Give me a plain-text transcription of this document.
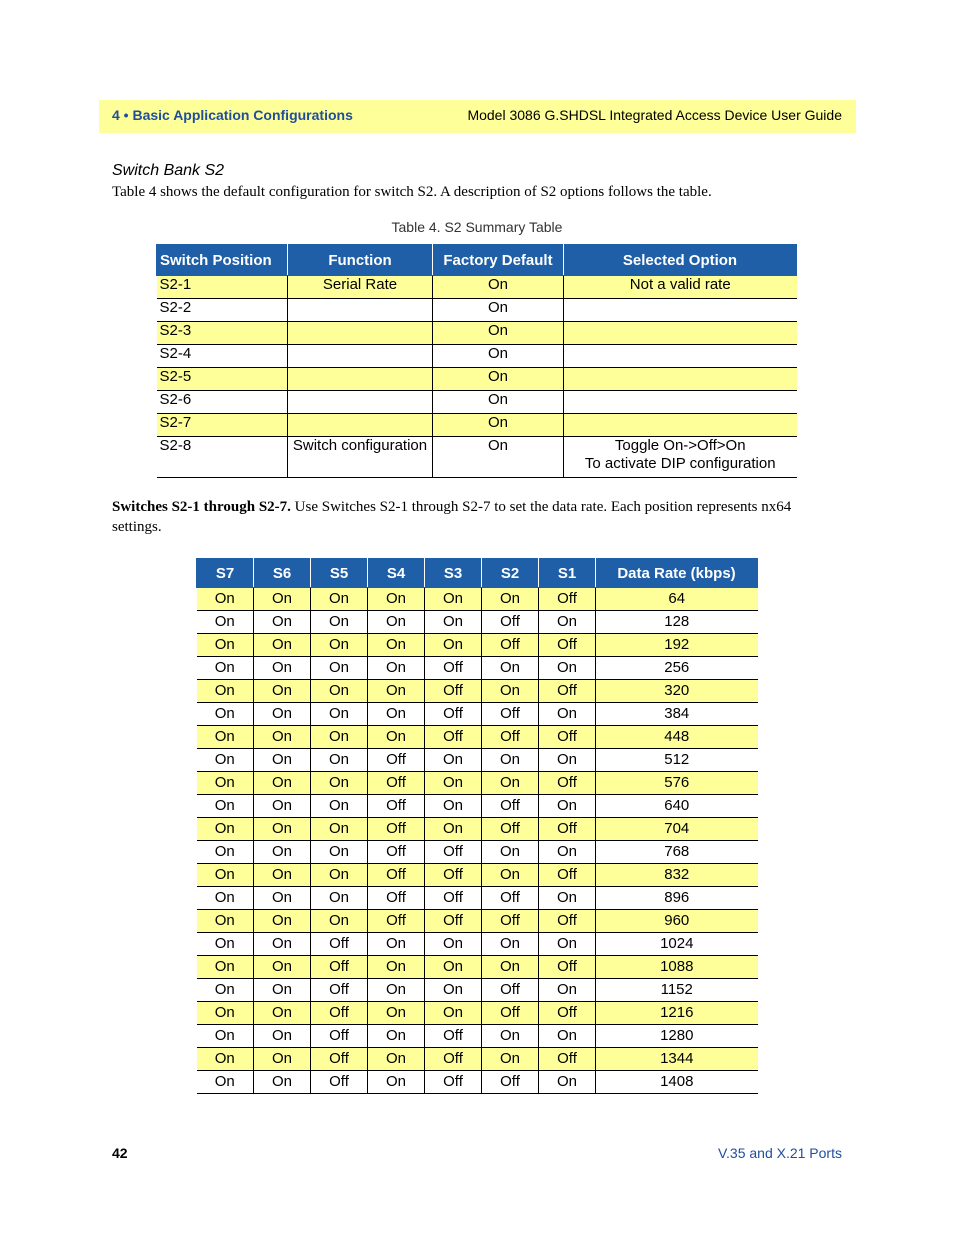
4 • Basic Application Configurations	Model 3086 G.SHDSL Integrated Access Device User Guide
Switch Bank S2
Table 4 shows the default configuration for switch S2. A description of S2 options follows the table.
Table 4. S2 Summary Table
Switch Position	Function	Factory Default	Selected Option
S2-1	Serial Rate	On	Not a valid rate
S2-2		On	
S2-3		On	
S2-4		On	
S2-5		On	
S2-6		On	
S2-7		On	
S2-8	Switch configuration	On	Toggle On->Off>On
To activate DIP configuration
Switches S2-1 through S2-7. Use Switches S2-1 through S2-7 to set the data rate. Each position represents nx64 settings.
S7	S6	S5	S4	S3	S2	S1	Data Rate (kbps)
On	On	On	On	On	On	Off	64
On	On	On	On	On	Off	On	128
On	On	On	On	On	Off	Off	192
On	On	On	On	Off	On	On	256
On	On	On	On	Off	On	Off	320
On	On	On	On	Off	Off	On	384
On	On	On	On	Off	Off	Off	448
On	On	On	Off	On	On	On	512
On	On	On	Off	On	On	Off	576
On	On	On	Off	On	Off	On	640
On	On	On	Off	On	Off	Off	704
On	On	On	Off	Off	On	On	768
On	On	On	Off	Off	On	Off	832
On	On	On	Off	Off	Off	On	896
On	On	On	Off	Off	Off	Off	960
On	On	Off	On	On	On	On	1024
On	On	Off	On	On	On	Off	1088
On	On	Off	On	On	Off	On	1152
On	On	Off	On	On	Off	Off	1216
On	On	Off	On	Off	On	On	1280
On	On	Off	On	Off	On	Off	1344
On	On	Off	On	Off	Off	On	1408
42	V.35 and X.21 Ports
